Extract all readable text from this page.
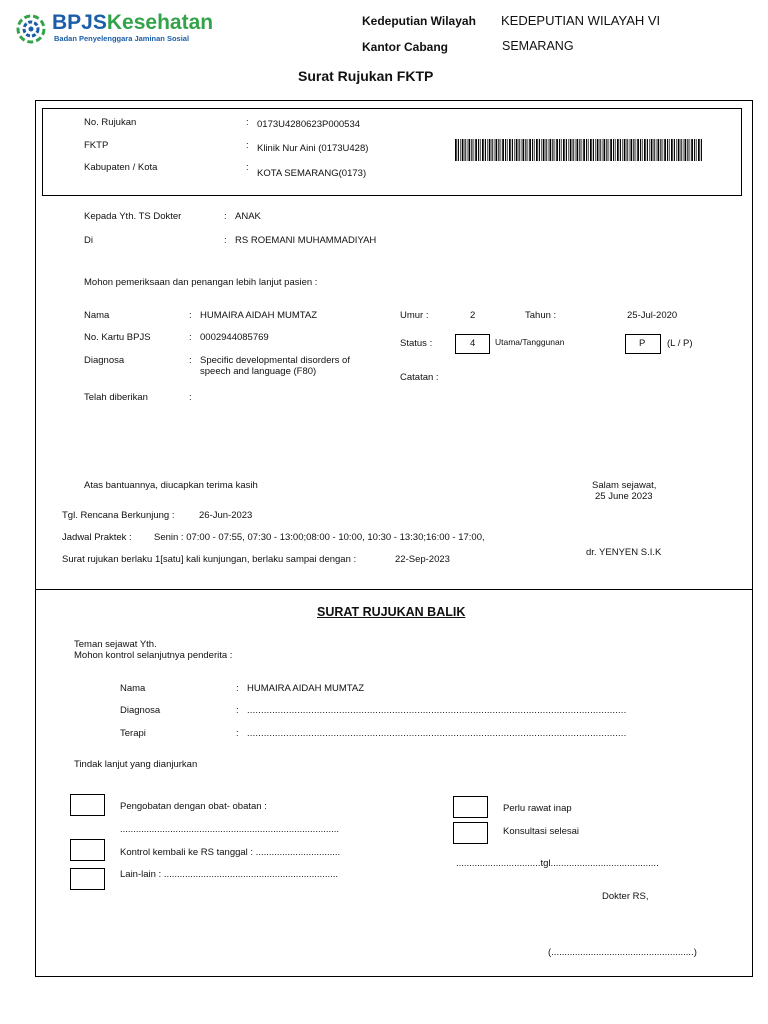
BPJSKesehatan
Badan Penyelenggara Jaminan Sosial
Kedeputian Wilayah KEDEPUTIAN WILAYAH VI
Kantor Cabang	SEMARANG
Surat Rujukan FKTP
No. Rujukan	: 0173U4280623P000534
FKTP	: Klinik Nur Aini (0173U428)
Kabupaten / Kota	:
KOTA SEMARANG(0173)
Kepada Yth. TS Dokter	: ANAK
Di	: RS ROEMANI MUHAMMADIYAH
Mohon pemeriksaan dan penangan lebih lanjut pasien :
Nama	: HUMAIRA AIDAH MUMTAZ
No. Kartu BPJS	: 0002944085769
Diagnosa	: Specific developmental disorders of
speech and language (F80)
Telah diberikan	:
Umur :	2	Tahun :	25-Jul-2020
Status :	4 Utama/Tanggunan	P (L / P)
Catatan :
Atas bantuannya, diucapkan terima kasih	Salam sejawat,
25 June 2023
Tgl. Rencana Berkunjung :	26-Jun-2023
Jadwal Praktek : Senin : 07:00 - 07:55, 07:30 - 13:00;08:00 - 10:00, 10:30 - 13:30;16:00 - 17:00,
Surat rujukan berlaku 1[satu] kali kunjungan, berlaku sampai dengan :	22-Sep-2023
dr. YENYEN S.I.K
SURAT RUJUKAN BALIK
Teman sejawat Yth.
Mohon kontrol selanjutnya penderita :
Nama	: HUMAIRA AIDAH MUMTAZ
Diagnosa	: ........................................................................................................................................
Terapi	: ........................................................................................................................................
Tindak lanjut yang dianjurkan
Pengobatan dengan obat- obatan :
...................................................................................
Kontrol kembali ke RS tanggal : ................................
Lain-lain : ..................................................................
Perlu rawat inap
Konsultasi selesai
................................tgl.........................................
Dokter RS,
(......................................................)
